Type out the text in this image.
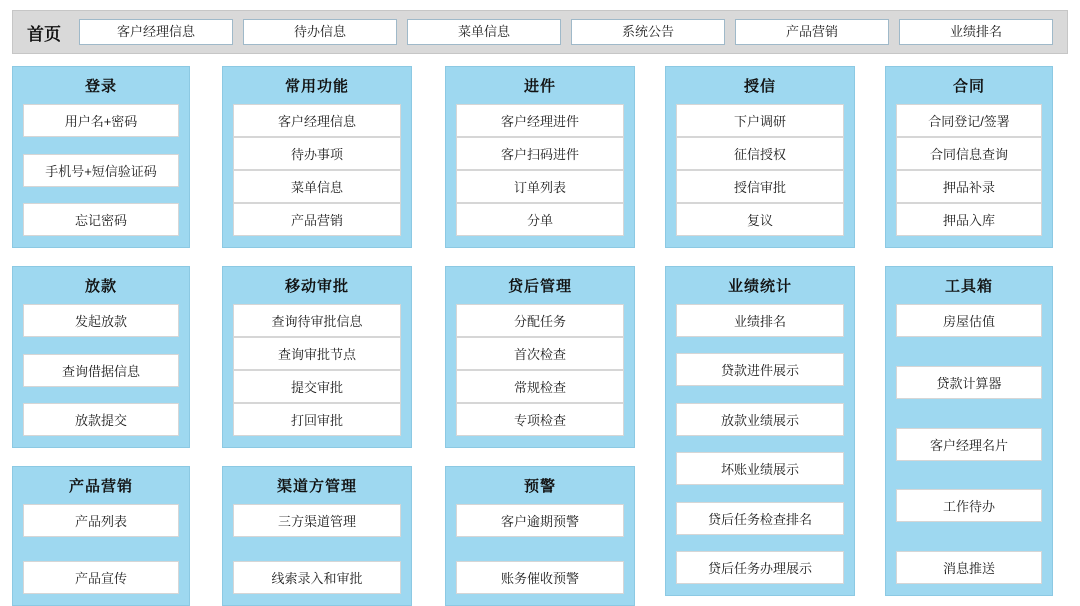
首页	客户经理信息	待办信息	菜单信息	系统公告	产品营销	业绩排名
登录
用户名+密码
手机号+短信验证码
忘记密码
常用功能
客户经理信息
待办事项
菜单信息
产品营销
进件
客户经理进件
客户扫码进件
订单列表
分单
授信
下户调研
征信授权
授信审批
复议
合同
合同登记/签署
合同信息查询
押品补录
押品入库
放款
发起放款
查询借据信息
放款提交
移动审批
查询待审批信息
查询审批节点
提交审批
打回审批
贷后管理
分配任务
首次检查
常规检查
专项检查
业绩统计
业绩排名
贷款进件展示
放款业绩展示
坏账业绩展示
贷后任务检查排名
贷后任务办理展示
工具箱
房屋估值
贷款计算器
客户经理名片
工作待办
消息推送
产品营销
产品列表
产品宣传
渠道方管理
三方渠道管理
线索录入和审批
预警
客户逾期预警
账务催收预警
